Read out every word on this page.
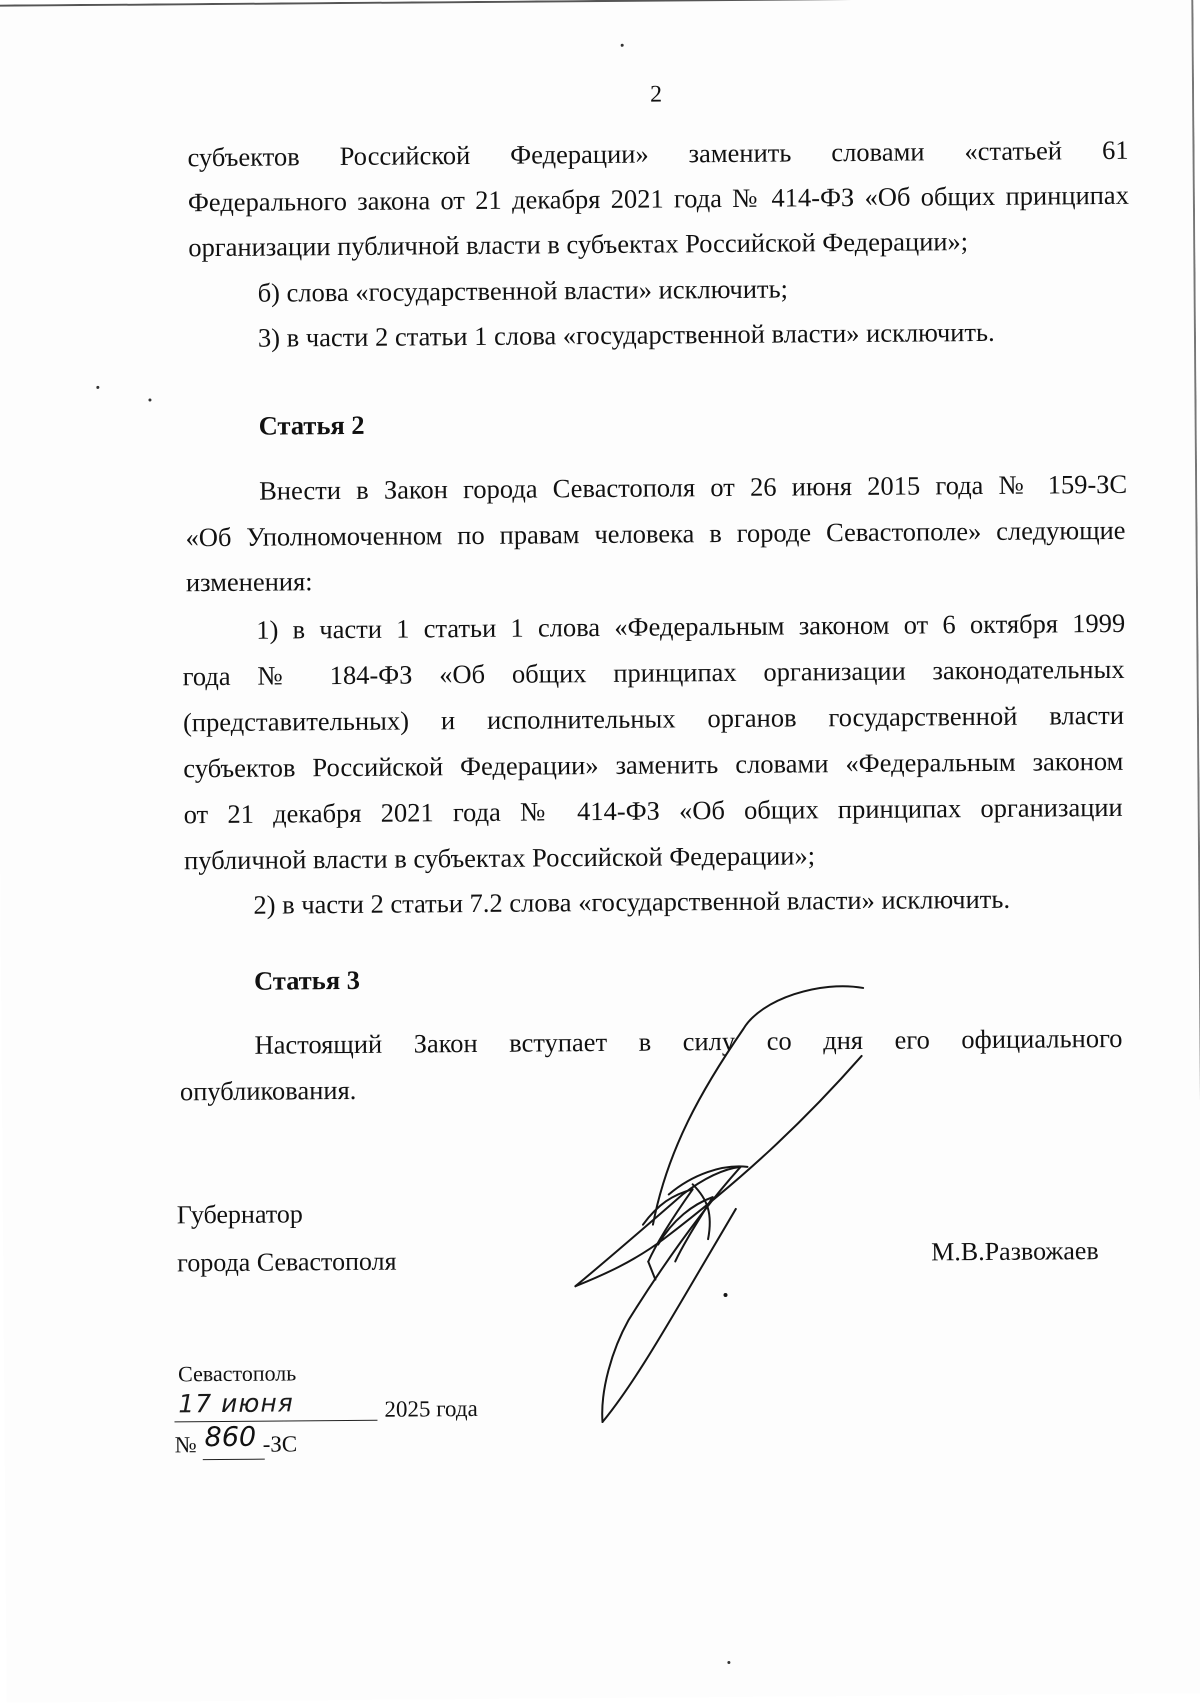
2

субъектов Российской Федерации» заменить словами «статьей 61

Федерального закона от 21 декабря 2021 года № 414-ФЗ «Об общих принципах

организации публичной власти в субъектах Российской Федерации»;

б) слова «государственной власти» исключить;

3) в части 2 статьи 1 слова «государственной власти» исключить.

Статья 2

Внести в Закон города Севастополя от 26 июня 2015 года № 159-ЗС

«Об Уполномоченном по правам человека в городе Севастополе» следующие

изменения:

1) в части 1 статьи 1 слова «Федеральным законом от 6 октября 1999

года № 184-ФЗ «Об общих принципах организации законодательных

(представительных) и исполнительных органов государственной власти

субъектов Российской Федерации» заменить словами «Федеральным законом

от 21 декабря 2021 года № 414-ФЗ «Об общих принципах организации

публичной власти в субъектах Российской Федерации»;

2) в части 2 статьи 7.2 слова «государственной власти» исключить.

Статья 3

Настоящий Закон вступает в силу со дня его официального

опубликования.

Губернатор
города Севастополя	М.В.Развожаев
Севастополь
17 июня	2025 года
№ 860 -ЗС
